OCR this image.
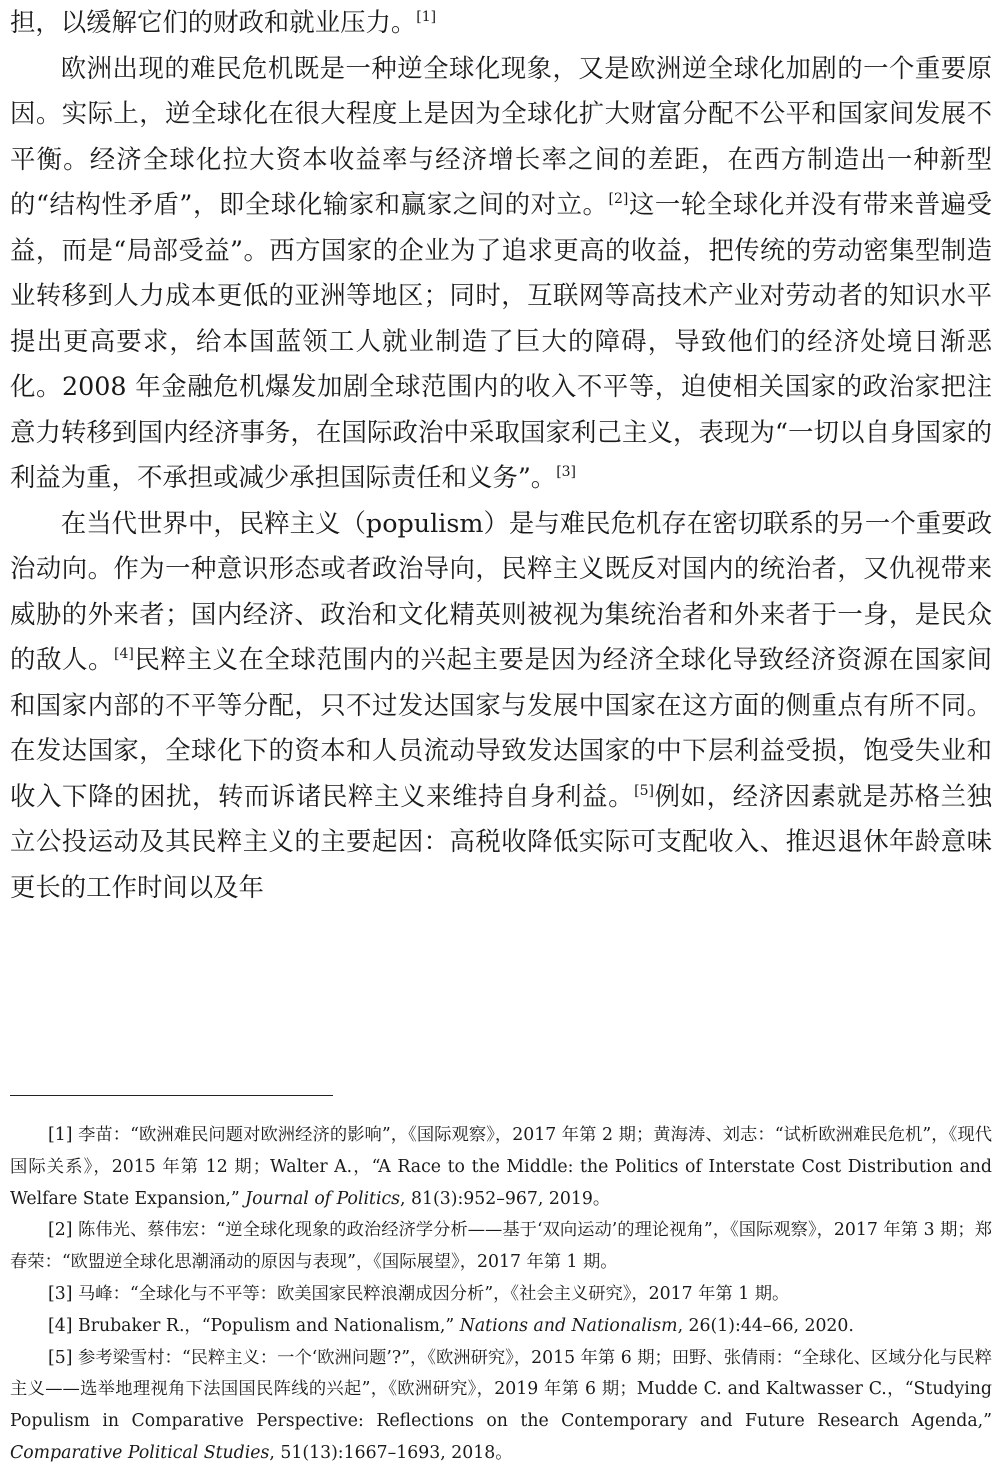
担，以缓解它们的财政和就业压力。[1]

欧洲出现的难民危机既是一种逆全球化现象，又是欧洲逆全球化加剧的一个重要原因。实际上，逆全球化在很大程度上是因为全球化扩大财富分配不公平和国家间发展不平衡。经济全球化拉大资本收益率与经济增长率之间的差距，在西方制造出一种新型的“结构性矛盾”，即全球化输家和赢家之间的对立。[2]这一轮全球化并没有带来普遍受益，而是“局部受益”。西方国家的企业为了追求更高的收益，把传统的劳动密集型制造业转移到人力成本更低的亚洲等地区；同时，互联网等高技术产业对劳动者的知识水平提出更高要求，给本国蓝领工人就业制造了巨大的障碍，导致他们的经济处境日渐恶化。2008 年金融危机爆发加剧全球范围内的收入不平等，迫使相关国家的政治家把注意力转移到国内经济事务，在国际政治中采取国家利己主义，表现为“一切以自身国家的利益为重，不承担或减少承担国际责任和义务”。[3]

在当代世界中，民粹主义（populism）是与难民危机存在密切联系的另一个重要政治动向。作为一种意识形态或者政治导向，民粹主义既反对国内的统治者，又仇视带来威胁的外来者；国内经济、政治和文化精英则被视为集统治者和外来者于一身，是民众的敌人。[4]民粹主义在全球范围内的兴起主要是因为经济全球化导致经济资源在国家间和国家内部的不平等分配，只不过发达国家与发展中国家在这方面的侧重点有所不同。在发达国家，全球化下的资本和人员流动导致发达国家的中下层利益受损，饱受失业和收入下降的困扰，转而诉诸民粹主义来维持自身利益。[5]例如，经济因素就是苏格兰独立公投运动及其民粹主义的主要起因：高税收降低实际可支配收入、推迟退休年龄意味更长的工作时间以及年

[1] 李苗：“欧洲难民问题对欧洲经济的影响”，《国际观察》，2017 年第 2 期；黄海涛、刘志：“试析欧洲难民危机”，《现代国际关系》，2015 年第 12 期；Walter A.，“A Race to the Middle: the Politics of Interstate Cost Distribution and Welfare State Expansion,” Journal of Politics, 81(3):952–967, 2019。

[2] 陈伟光、蔡伟宏：“逆全球化现象的政治经济学分析——基于‘双向运动’的理论视角”，《国际观察》，2017 年第 3 期；郑春荣：“欧盟逆全球化思潮涌动的原因与表现”，《国际展望》，2017 年第 1 期。

[3] 马峰：“全球化与不平等：欧美国家民粹浪潮成因分析”，《社会主义研究》，2017 年第 1 期。

[4] Brubaker R.，“Populism and Nationalism,” Nations and Nationalism, 26(1):44–66, 2020.

[5] 参考梁雪村：“民粹主义：一个‘欧洲问题’?”，《欧洲研究》，2015 年第 6 期；田野、张倩雨：“全球化、区域分化与民粹主义——选举地理视角下法国国民阵线的兴起”，《欧洲研究》，2019 年第 6 期；Mudde C. and Kaltwasser C.，“Studying Populism in Comparative Perspective: Reflections on the Contemporary and Future Research Agenda,” Comparative Political Studies, 51(13):1667–1693, 2018。
